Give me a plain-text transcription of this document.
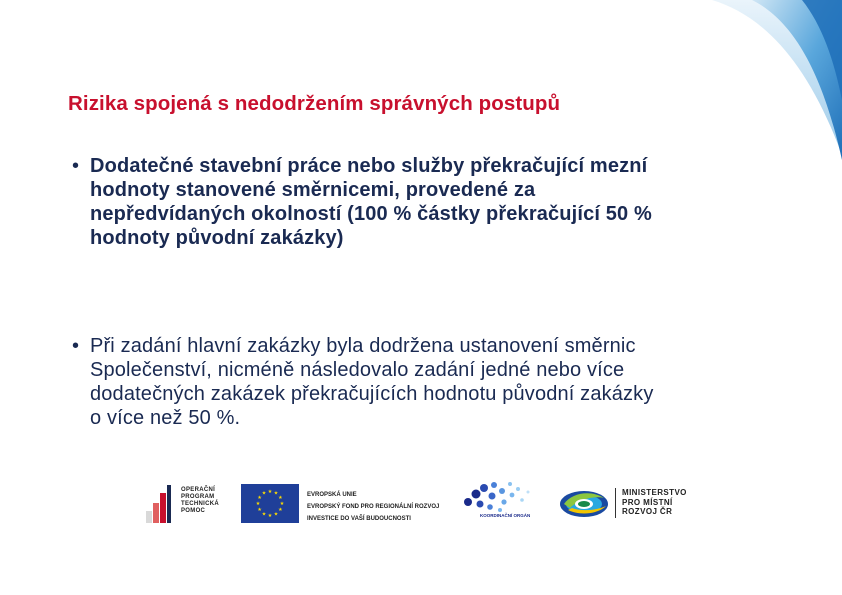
Rizika spojená s nedodržením správných postupů
• Dodatečné stavební práce nebo služby překračující mezní
hodnoty stanovené směrnicemi, provedené za
nepředvídaných okolností (100 % částky překračující 50 %
hodnoty původní zakázky)
• Při zadání hlavní zakázky byla dodržena ustanovení směrnic
Společenství, nicméně následovalo zadání jedné nebo více
dodatečných zakázek překračujících hodnotu původní zakázky
o více než 50 %.
OPERAČNÍ
PROGRAM
TECHNICKÁ
POMOC
★ ★
★
★
★
★
★
★
★
★
★
★	EVROPSKÁ UNIE
EVROPSKÝ FOND PRO REGIONÁLNÍ ROZVOJ
INVESTICE DO VAŠÍ BUDOUCNOSTI
KOORDINAČNÍ ORGÁN
MINISTERSTVO
PRO MÍSTNÍ
ROZVOJ ČR
